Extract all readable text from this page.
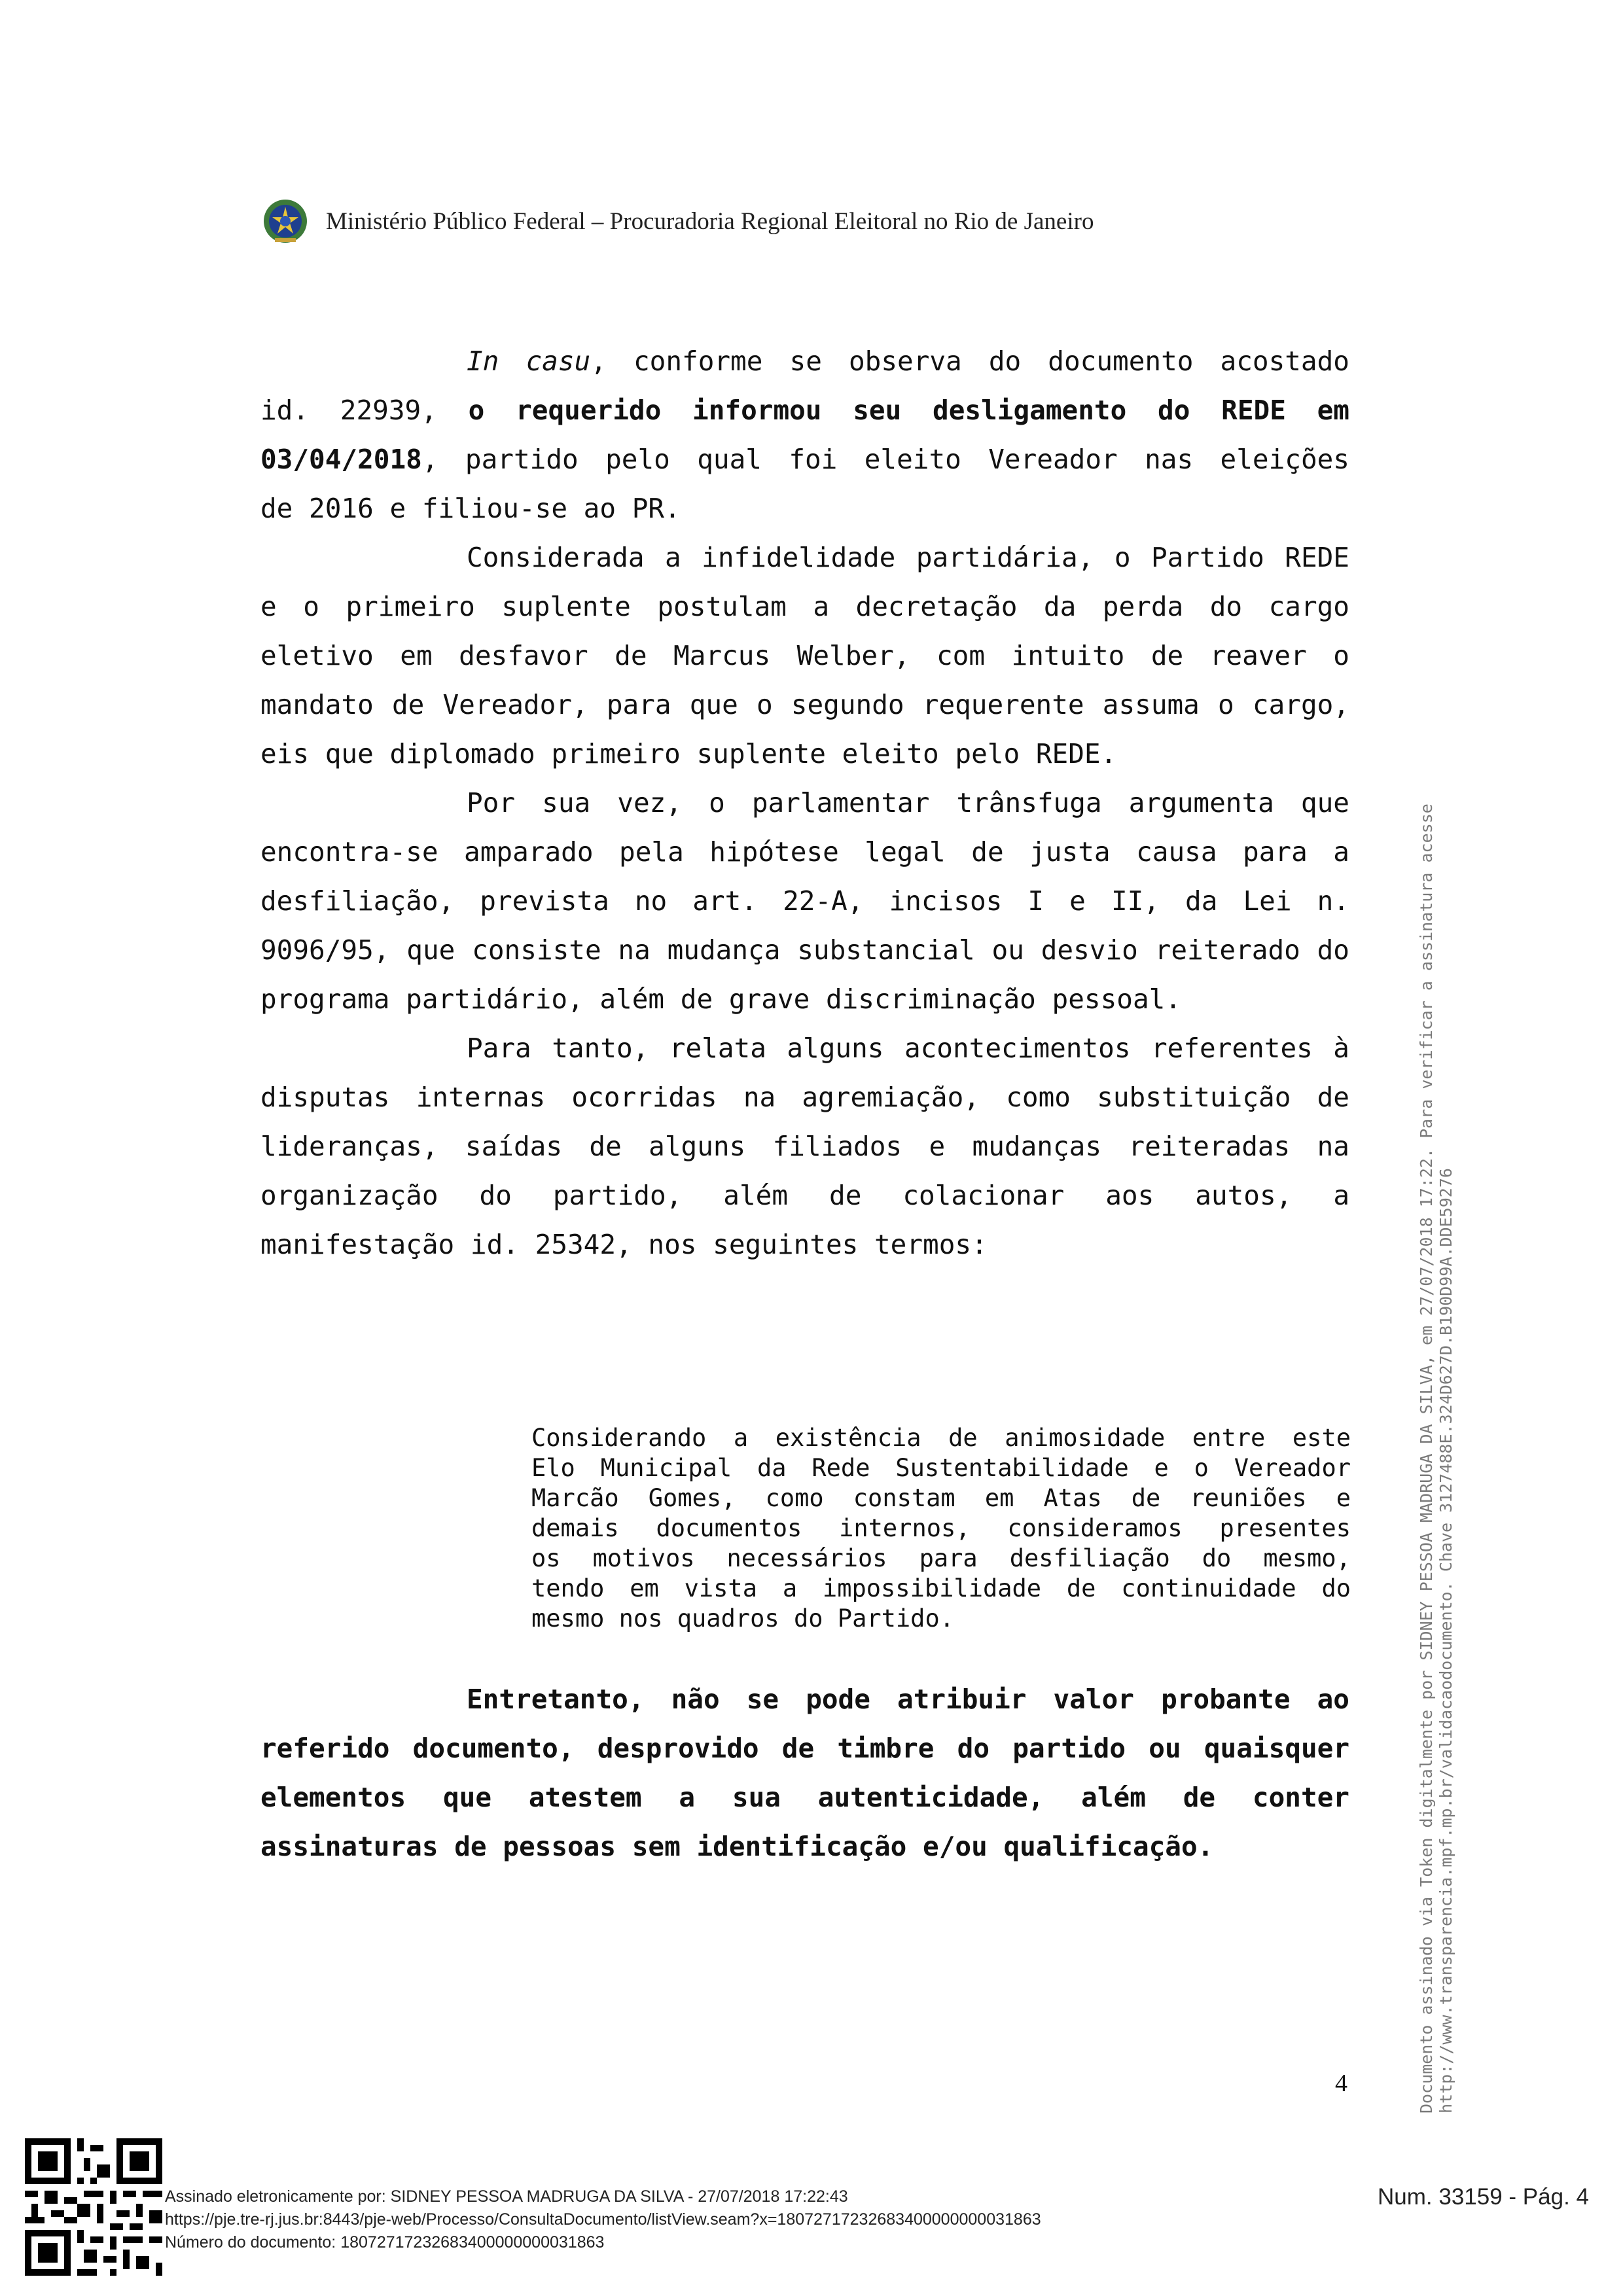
Ministério Público Federal – Procuradoria Regional Eleitoral no Rio de Janeiro
In casu, conforme se observa do documento acostado
id. 22939, o requerido informou seu desligamento do REDE em
03/04/2018, partido pelo qual foi eleito Vereador nas eleições
de 2016 e filiou-se ao PR.

Considerada a infidelidade partidária, o Partido REDE e o primeiro suplente postulam a decretação da perda do cargo eletivo em desfavor de Marcus Welber, com intuito de reaver o mandato de Vereador, para que o segundo requerente assuma o cargo, eis que diplomado primeiro suplente eleito pelo REDE.

Por sua vez, o parlamentar trânsfuga argumenta que encontra-se amparado pela hipótese legal de justa causa para a desfiliação, prevista no art. 22-A, incisos I e II, da Lei n. 9096/95, que consiste na mudança substancial ou desvio reiterado do programa partidário, além de grave discriminação pessoal.

Para tanto, relata alguns acontecimentos referentes à disputas internas ocorridas na agremiação, como substituição de lideranças, saídas de alguns filiados e mudanças reiteradas na organização do partido, além de colacionar aos autos, a manifestação id. 25342, nos seguintes termos:

Considerando a existência de animosidade entre este
Elo Municipal da Rede Sustentabilidade e o Vereador
Marcão Gomes, como constam em Atas de reuniões e
demais documentos internos, consideramos presentes
os motivos necessários para desfiliação do mesmo,
tendo em vista a impossibilidade de continuidade do
mesmo nos quadros do Partido.

Entretanto, não se pode atribuir valor probante ao referido documento, desprovido de timbre do partido ou quaisquer elementos que atestem a sua autenticidade, além de conter assinaturas de pessoas sem identificação e/ou qualificação.

4	Documento assinado via Token digitalmente por SIDNEY PESSOA MADRUGA DA SILVA, em 27/07/2018 17:22. Para verificar a assinatura acesse http://www.transparencia.mpf.mp.br/validacaodocumento. Chave 3127488E.324D627D.B190D99A.DDE59276
Assinado eletronicamente por: SIDNEY PESSOA MADRUGA DA SILVA - 27/07/2018 17:22:43
https://pje.tre-rj.jus.br:8443/pje-web/Processo/ConsultaDocumento/listView.seam?x=18072717232683400000000031863
Número do documento: 18072717232683400000000031863
Num. 33159 - Pág. 4
